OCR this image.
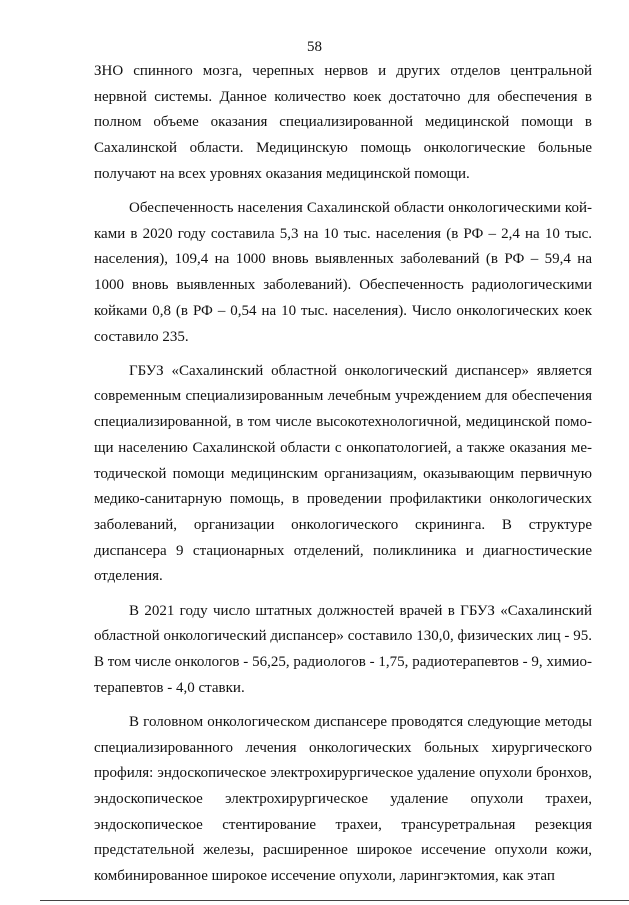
58

ЗНО спинного мозга, черепных нервов и других отделов центральной нервной системы. Данное количество коек достаточно для обеспечения в полном объеме оказания специализированной медицинской помощи в Сахалинской области. Медицинскую помощь онкологические больные получают на всех уровнях оказания медицинской помощи.

Обеспеченность населения Сахалинской области онкологическими койками в 2020 году составила 5,3 на 10 тыс. населения (в РФ – 2,4 на 10 тыс. населения), 109,4 на 1000 вновь выявленных заболеваний (в РФ – 59,4 на 1000 вновь выявленных заболеваний). Обеспеченность радиологическими койками 0,8 (в РФ – 0,54 на 10 тыс. населения). Число онкологических коек составило 235.

ГБУЗ «Сахалинский областной онкологический диспансер» является современным специализированным лечебным учреждением для обеспечения специализированной, в том числе высокотехнологичной, медицинской помощи населению Сахалинской области с онкопатологией, а также оказания методической помощи медицинским организациям, оказывающим первичную медико-санитарную помощь, в проведении профилактики онкологических заболеваний, организации онкологического скрининга. В структуре диспансера 9 стационарных отделений, поликлиника и диагностические отделения.

В 2021 году число штатных должностей врачей в ГБУЗ «Сахалинский областной онкологический диспансер» составило 130,0, физических лиц - 95. В том числе онкологов - 56,25, радиологов - 1,75, радиотерапевтов - 9, химиотерапевтов - 4,0 ставки.

В головном онкологическом диспансере проводятся следующие методы специализированного лечения онкологических больных хирургического профиля: эндоскопическое электрохирургическое удаление опухоли бронхов, эндоскопическое электрохирургическое удаление опухоли трахеи, эндоскопическое стентирование трахеи, трансуретральная резекция предстательной железы, расширенное широкое иссечение опухоли кожи, комбинированное широкое иссечение опухоли, ларингэктомия, как этап
